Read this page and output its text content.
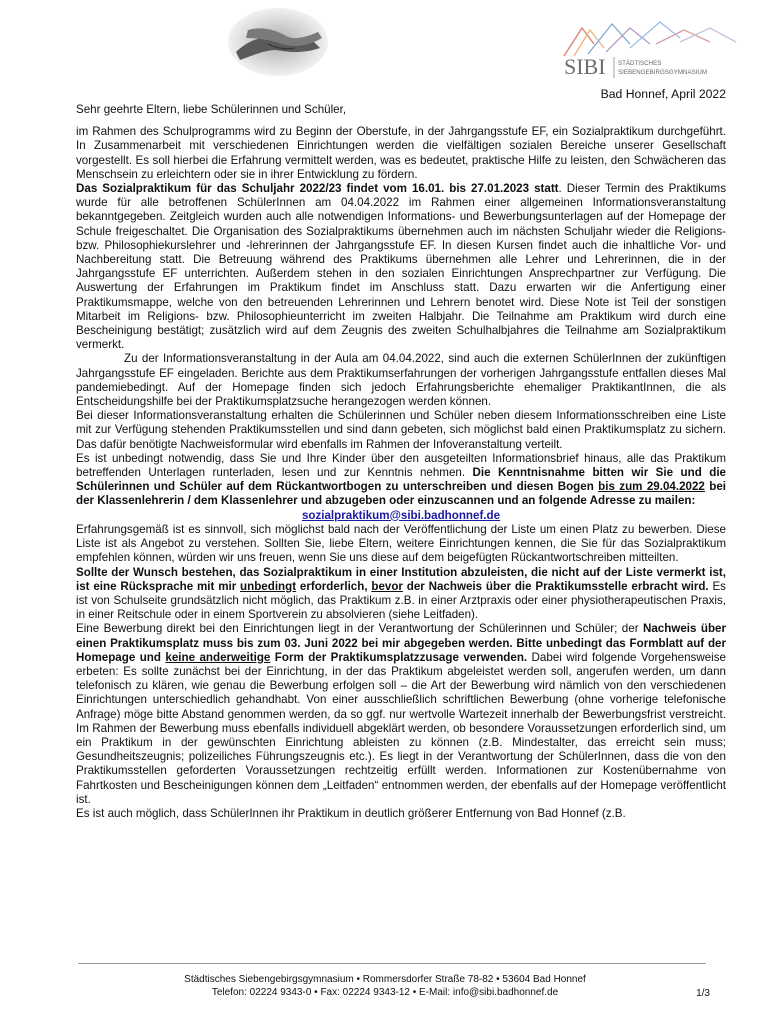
SIBI STÄDTISCHES
SIEBENGEBIRGSGYMNASIUM
Bad Honnef, April 2022

Sehr geehrte Eltern, liebe Schülerinnen und Schüler,

im Rahmen des Schulprogramms wird zu Beginn der Oberstufe, in der Jahrgangsstufe EF, ein Sozialpraktikum durchgeführt. In Zusammenarbeit mit verschiedenen Einrichtungen werden die vielfältigen sozialen Bereiche unserer Gesellschaft vorgestellt. Es soll hierbei die Erfahrung vermittelt werden, was es bedeutet, praktische Hilfe zu leisten, den Schwächeren das Menschsein zu erleichtern oder sie in ihrer Entwicklung zu fördern.

Das Sozialpraktikum für das Schuljahr 2022/23 findet vom 16.01. bis 27.01.2023 statt. Dieser Termin des Praktikums wurde für alle betroffenen SchülerInnen am 04.04.2022 im Rahmen einer allgemeinen Informationsveranstaltung bekanntgegeben. Zeitgleich wurden auch alle notwendigen Informations- und Bewerbungsunterlagen auf der Homepage der Schule freigeschaltet. Die Organisation des Sozialpraktikums übernehmen auch im nächsten Schuljahr wieder die Religions- bzw. Philosophiekurslehrer und -lehrerinnen der Jahrgangsstufe EF. In diesen Kursen findet auch die inhaltliche Vor- und Nachbereitung statt. Die Betreuung während des Praktikums übernehmen alle Lehrer und Lehrerinnen, die in der Jahrgangsstufe EF unterrichten. Außerdem stehen in den sozialen Einrichtungen Ansprechpartner zur Verfügung. Die Auswertung der Erfahrungen im Praktikum findet im Anschluss statt. Dazu erwarten wir die Anfertigung einer Praktikumsmappe, welche von den betreuenden Lehrerinnen und Lehrern benotet wird. Diese Note ist Teil der sonstigen Mitarbeit im Religions- bzw. Philosophieunterricht im zweiten Halbjahr. Die Teilnahme am Praktikum wird durch eine Bescheinigung bestätigt; zusätzlich wird auf dem Zeugnis des zweiten Schulhalbjahres die Teilnahme am Sozialpraktikum vermerkt.

Zu der Informationsveranstaltung in der Aula am 04.04.2022, sind auch die externen SchülerInnen der zukünftigen Jahrgangsstufe EF eingeladen. Berichte aus dem Praktikumserfahrungen der vorherigen Jahrgangsstufe entfallen dieses Mal pandemiebedingt. Auf der Homepage finden sich jedoch Erfahrungsberichte ehemaliger PraktikantInnen, die als Entscheidungshilfe bei der Praktikumsplatzsuche herangezogen werden können.

Bei dieser Informationsveranstaltung erhalten die Schülerinnen und Schüler neben diesem Informationsschreiben eine Liste mit zur Verfügung stehenden Praktikumsstellen und sind dann gebeten, sich möglichst bald einen Praktikumsplatz zu sichern. Das dafür benötigte Nachweisformular wird ebenfalls im Rahmen der Infoveranstaltung verteilt.

Es ist unbedingt notwendig, dass Sie und Ihre Kinder über den ausgeteilten Informationsbrief hinaus, alle das Praktikum betreffenden Unterlagen runterladen, lesen und zur Kenntnis nehmen. Die Kenntnisnahme bitten wir Sie und die Schülerinnen und Schüler auf dem Rückantwortbogen zu unterschreiben und diesen Bogen bis zum 29.04.2022 bei der Klassenlehrerin / dem Klassenlehrer und abzugeben oder einzuscannen und an folgende Adresse zu mailen:

sozialpraktikum@sibi.badhonnef.de

Erfahrungsgemäß ist es sinnvoll, sich möglichst bald nach der Veröffentlichung der Liste um einen Platz zu bewerben. Diese Liste ist als Angebot zu verstehen. Sollten Sie, liebe Eltern, weitere Einrichtungen kennen, die Sie für das Sozialpraktikum empfehlen können, würden wir uns freuen, wenn Sie uns diese auf dem beigefügten Rückantwortschreiben mitteilten.

Sollte der Wunsch bestehen, das Sozialpraktikum in einer Institution abzuleisten, die nicht auf der Liste vermerkt ist, ist eine Rücksprache mit mir unbedingt erforderlich, bevor der Nachweis über die Praktikumsstelle erbracht wird. Es ist von Schulseite grundsätzlich nicht möglich, das Praktikum z.B. in einer Arztpraxis oder einer physiotherapeutischen Praxis, in einer Reitschule oder in einem Sportverein zu absolvieren (siehe Leitfaden).

Eine Bewerbung direkt bei den Einrichtungen liegt in der Verantwortung der Schülerinnen und Schüler; der Nachweis über einen Praktikumsplatz muss bis zum 03. Juni 2022 bei mir abgegeben werden. Bitte unbedingt das Formblatt auf der Homepage und keine anderweitige Form der Praktikumsplatzzusage verwenden. Dabei wird folgende Vorgehensweise erbeten: Es sollte zunächst bei der Einrichtung, in der das Praktikum abgeleistet werden soll, angerufen werden, um dann telefonisch zu klären, wie genau die Bewerbung erfolgen soll – die Art der Bewerbung wird nämlich von den verschiedenen Einrichtungen unterschiedlich gehandhabt. Von einer ausschließlich schriftlichen Bewerbung (ohne vorherige telefonische Anfrage) möge bitte Abstand genommen werden, da so ggf. nur wertvolle Wartezeit innerhalb der Bewerbungsfrist verstreicht. Im Rahmen der Bewerbung muss ebenfalls individuell abgeklärt werden, ob besondere Voraussetzungen erforderlich sind, um ein Praktikum in der gewünschten Einrichtung ableisten zu können (z.B. Mindestalter, das erreicht sein muss; Gesundheitszeugnis; polizeiliches Führungszeugnis etc.). Es liegt in der Verantwortung der SchülerInnen, dass die von den Praktikumsstellen geforderten Voraussetzungen rechtzeitig erfüllt werden. Informationen zur Kostenübernahme von Fahrtkosten und Bescheinigungen können dem „Leitfaden“ entnommen werden, der ebenfalls auf der Homepage veröffentlicht ist.

Es ist auch möglich, dass SchülerInnen ihr Praktikum in deutlich größerer Entfernung von Bad Honnef (z.B.

Städtisches Siebengebirgsgymnasium • Rommersdorfer Straße 78-82 • 53604 Bad Honnef
Telefon: 02224 9343-0 • Fax: 02224 9343-12 • E-Mail: info@sibi.badhonnef.de	1/3
